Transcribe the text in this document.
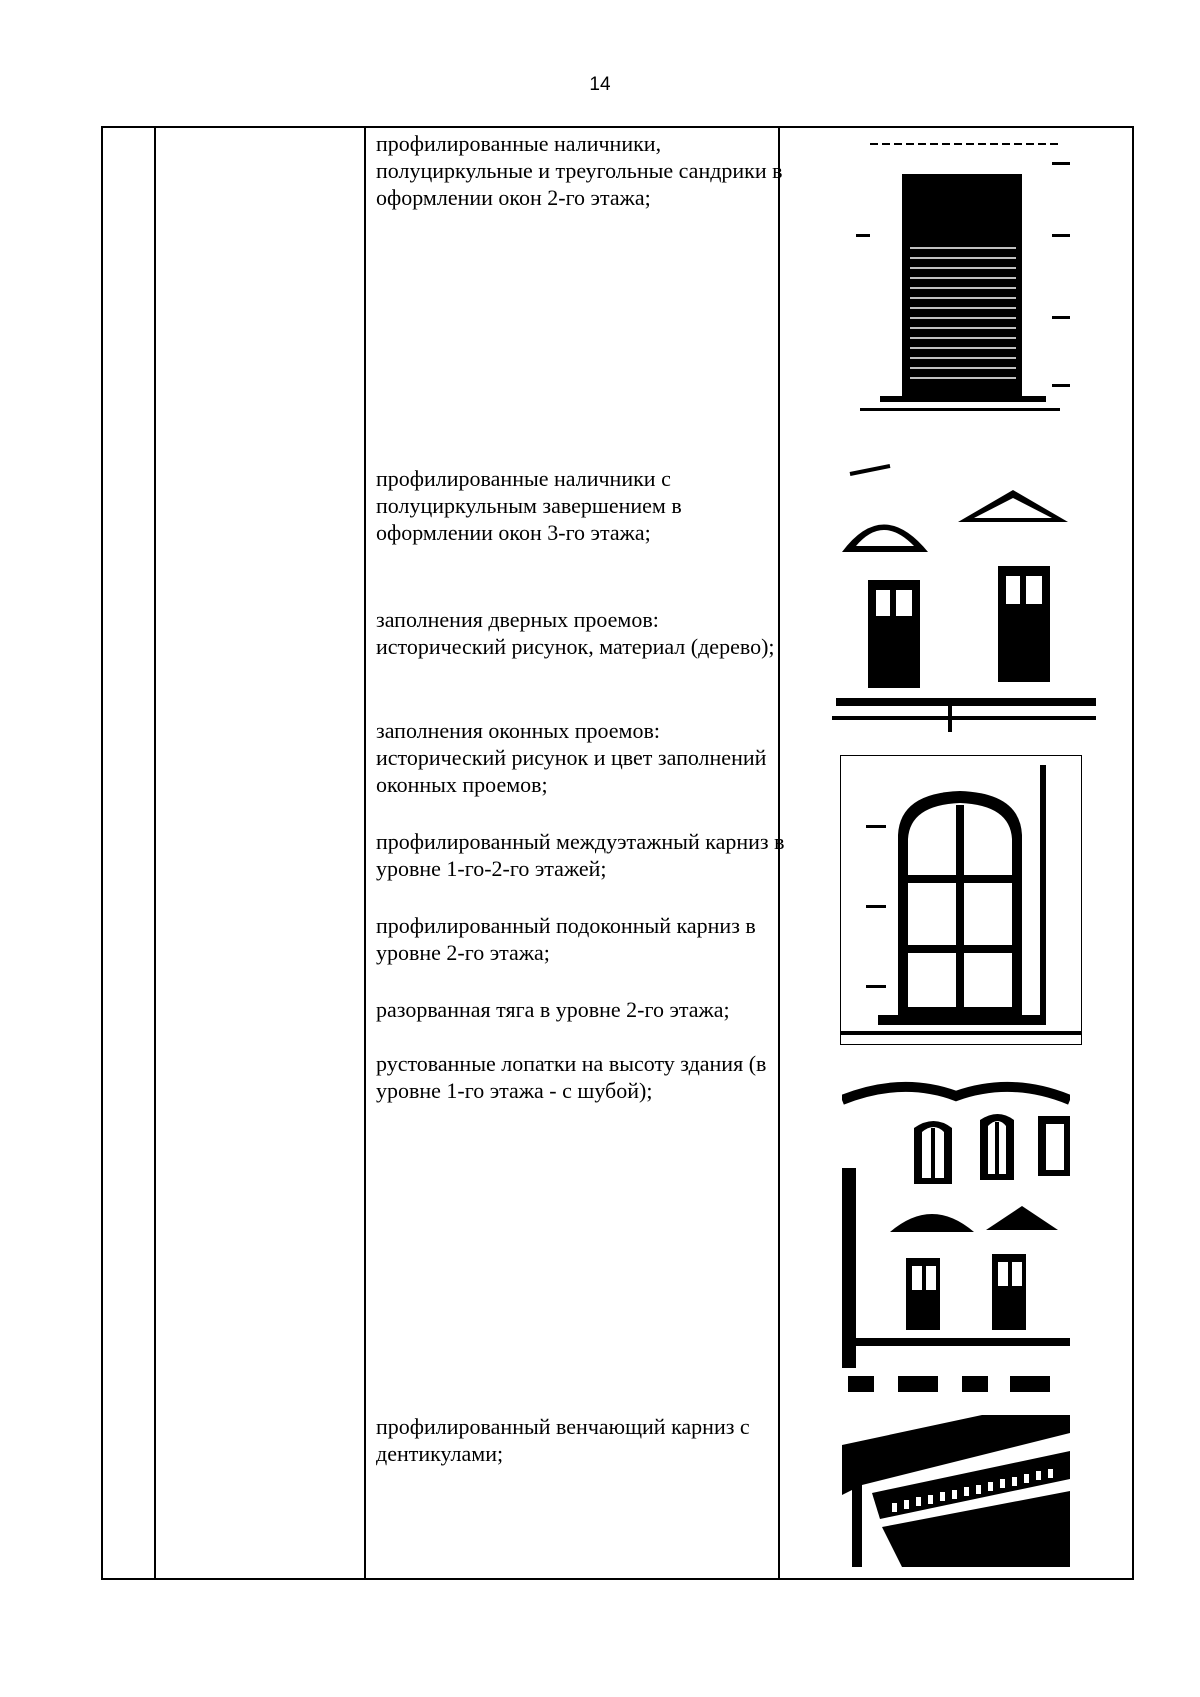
14
профилированные наличники, полуциркульные и треугольные сандрики в оформлении окон 2-го этажа;
профилированные наличники с полуциркульным завершением в оформлении окон 3-го этажа;
заполнения дверных проемов: исторический рисунок, материал (дерево);
заполнения оконных проемов: исторический рисунок и цвет заполнений оконных проемов;
профилированный междуэтажный карниз в уровне 1-го-2-го этажей;
профилированный подоконный карниз в уровне 2-го этажа;
разорванная тяга в уровне 2-го этажа;
рустованные лопатки на высоту здания (в уровне 1-го этажа - с шубой);
профилированный венчающий карниз с дентикулами;
